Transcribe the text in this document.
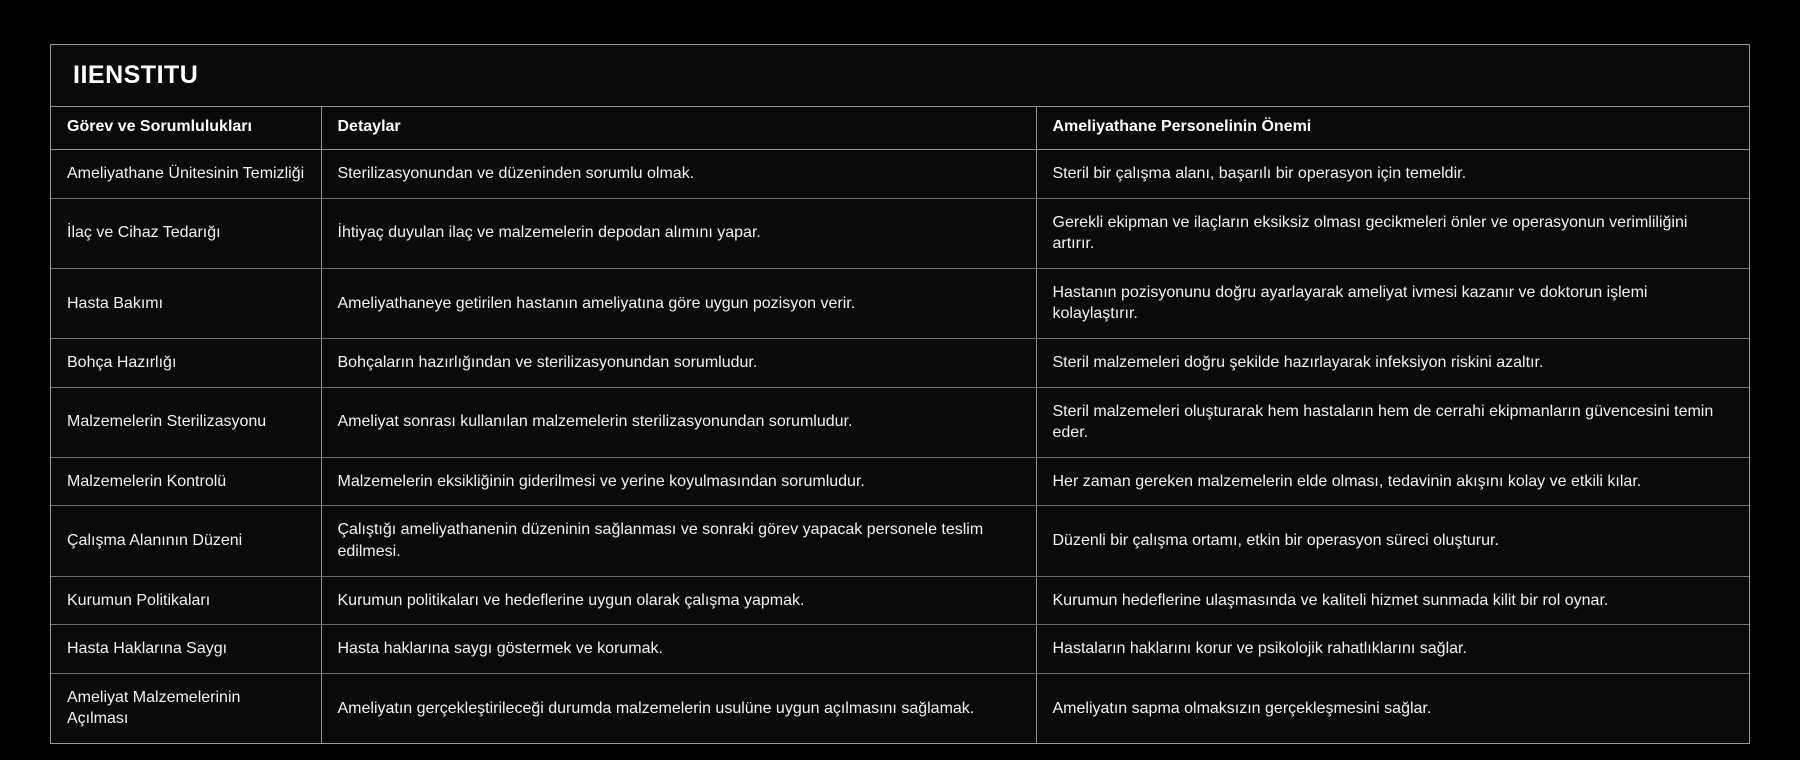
IIENSTITU
Görev ve Sorumlulukları	Detaylar	Ameliyathane Personelinin Önemi
Ameliyathane Ünitesinin Temizliği	Sterilizasyonundan ve düzeninden sorumlu olmak.	Steril bir çalışma alanı, başarılı bir operasyon için temeldir.
İlaç ve Cihaz Tedarığı	İhtiyaç duyulan ilaç ve malzemelerin depodan alımını yapar.	Gerekli ekipman ve ilaçların eksiksiz olması gecikmeleri önler ve operasyonun verimliliğini artırır.
Hasta Bakımı	Ameliyathaneye getirilen hastanın ameliyatına göre uygun pozisyon verir.	Hastanın pozisyonunu doğru ayarlayarak ameliyat ivmesi kazanır ve doktorun işlemi kolaylaştırır.
Bohça Hazırlığı	Bohçaların hazırlığından ve sterilizasyonundan sorumludur.	Steril malzemeleri doğru şekilde hazırlayarak infeksiyon riskini azaltır.
Malzemelerin Sterilizasyonu	Ameliyat sonrası kullanılan malzemelerin sterilizasyonundan sorumludur.	Steril malzemeleri oluşturarak hem hastaların hem de cerrahi ekipmanların güvencesini temin eder.
Malzemelerin Kontrolü	Malzemelerin eksikliğinin giderilmesi ve yerine koyulmasından sorumludur.	Her zaman gereken malzemelerin elde olması, tedavinin akışını kolay ve etkili kılar.
Çalışma Alanının Düzeni	Çalıştığı ameliyathanenin düzeninin sağlanması ve sonraki görev yapacak personele teslim edilmesi.	Düzenli bir çalışma ortamı, etkin bir operasyon süreci oluşturur.
Kurumun Politikaları	Kurumun politikaları ve hedeflerine uygun olarak çalışma yapmak.	Kurumun hedeflerine ulaşmasında ve kaliteli hizmet sunmada kilit bir rol oynar.
Hasta Haklarına Saygı	Hasta haklarına saygı göstermek ve korumak.	Hastaların haklarını korur ve psikolojik rahatlıklarını sağlar.
Ameliyat Malzemelerinin Açılması	Ameliyatın gerçekleştirileceği durumda malzemelerin usulüne uygun açılmasını sağlamak.	Ameliyatın sapma olmaksızın gerçekleşmesini sağlar.
